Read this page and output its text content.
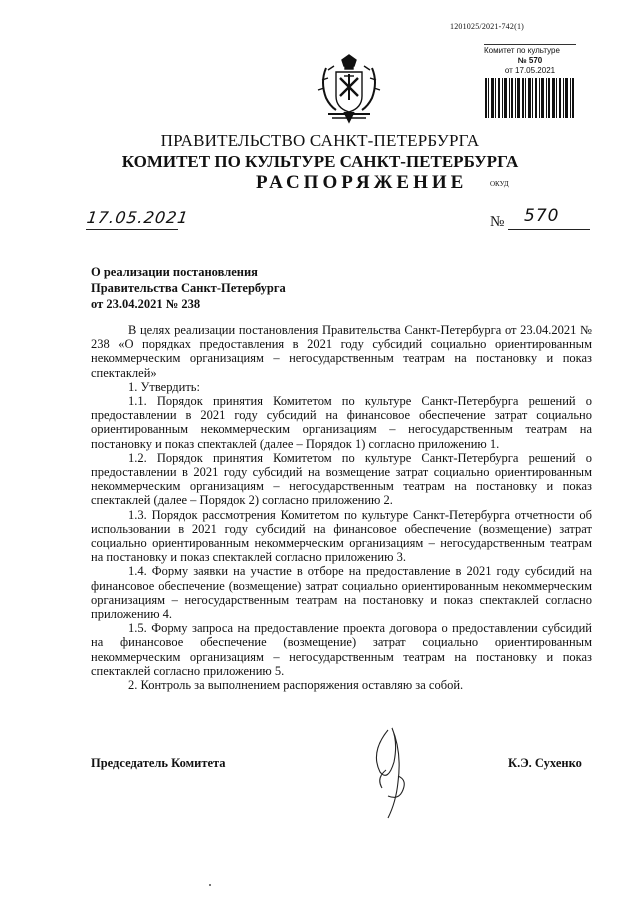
1201025/2021-742(1)
Комитет по культуре
№ 570
от 17.05.2021
ПРАВИТЕЛЬСТВО САНКТ-ПЕТЕРБУРГА
КОМИТЕТ ПО КУЛЬТУРЕ САНКТ-ПЕТЕРБУРГА
РАСПОРЯЖЕНИЕ	ОКУД
17.05.2021	№ 570
О реализации постановления
Правительства Санкт-Петербурга
от 23.04.2021 № 238

В целях реализации постановления Правительства Санкт-Петербурга от 23.04.2021 № 238 «О порядках предоставления в 2021 году субсидий социально ориентированным некоммерческим организациям – негосударственным театрам на постановку и показ спектаклей»

1. Утвердить:

1.1. Порядок принятия Комитетом по культуре Санкт-Петербурга решений о предоставлении в 2021 году субсидий на финансовое обеспечение затрат социально ориентированным некоммерческим организациям – негосударственным театрам на постановку и показ спектаклей (далее – Порядок 1) согласно приложению 1.

1.2. Порядок принятия Комитетом по культуре Санкт-Петербурга решений о предоставлении в 2021 году субсидий на возмещение затрат социально ориентированным некоммерческим организациям – негосударственным театрам на постановку и показ спектаклей (далее – Порядок 2) согласно приложению 2.

1.3. Порядок рассмотрения Комитетом по культуре Санкт-Петербурга отчетности об использовании в 2021 году субсидий на финансовое обеспечение (возмещение) затрат социально ориентированным некоммерческим организациям – негосударственным театрам на постановку и показ спектаклей согласно приложению 3.

1.4. Форму заявки на участие в отборе на предоставление в 2021 году субсидий на финансовое обеспечение (возмещение) затрат социально ориентированным некоммерческим организациям – негосударственным театрам на постановку и показ спектаклей согласно приложению 4.

1.5. Форму запроса на предоставление проекта договора о предоставлении субсидий на финансовое обеспечение (возмещение) затрат социально ориентированным некоммерческим организациям – негосударственным театрам на постановку и показ спектаклей согласно приложению 5.

2. Контроль за выполнением распоряжения оставляю за собой.

Председатель Комитета	К.Э. Сухенко
